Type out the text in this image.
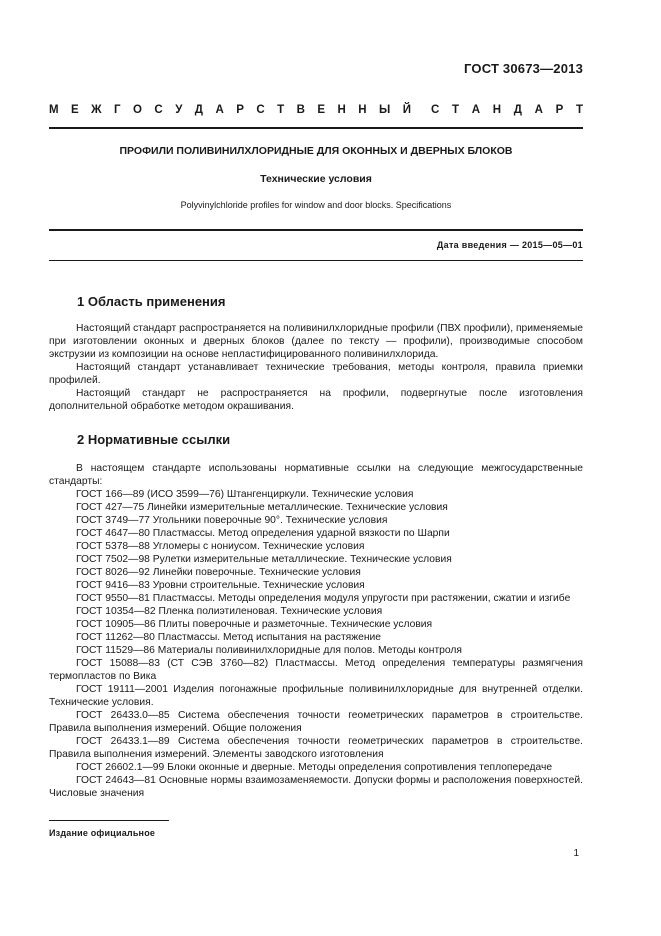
ГОСТ 30673—2013
М Е Ж Г О С У Д А Р С Т В Е Н Н Ы Й С Т А Н Д А Р Т
ПРОФИЛИ ПОЛИВИНИЛХЛОРИДНЫЕ ДЛЯ ОКОННЫХ И ДВЕРНЫХ БЛОКОВ
Технические условия
Polyvinylchloride profiles for window and door blocks. Specifications
Дата введения — 2015—05—01
1 Область применения

Настоящий стандарт распространяется на поливинилхлоридные профили (ПВХ профили), применяемые при изготовлении оконных и дверных блоков (далее по тексту — профили), производимые способом экструзии из композиции на основе непластифицированного поливинилхлорида.

Настоящий стандарт устанавливает технические требования, методы контроля, правила приемки профилей.

Настоящий стандарт не распространяется на профили, подвергнутые после изготовления дополнительной обработке методом окрашивания.

2 Нормативные ссылки

В настоящем стандарте использованы нормативные ссылки на следующие межгосударственные стандарты:

ГОСТ 166—89 (ИСО 3599—76) Штангенциркули. Технические условия

ГОСТ 427—75 Линейки измерительные металлические. Технические условия

ГОСТ 3749—77 Угольники поверочные 90°. Технические условия

ГОСТ 4647—80 Пластмассы. Метод определения ударной вязкости по Шарпи

ГОСТ 5378—88 Угломеры с нониусом. Технические условия

ГОСТ 7502—98 Рулетки измерительные металлические. Технические условия

ГОСТ 8026—92 Линейки поверочные. Технические условия

ГОСТ 9416—83 Уровни строительные. Технические условия

ГОСТ 9550—81 Пластмассы. Методы определения модуля упругости при растяжении, сжатии и изгибе

ГОСТ 10354—82 Пленка полиэтиленовая. Технические условия

ГОСТ 10905—86 Плиты поверочные и разметочные. Технические условия

ГОСТ 11262—80 Пластмассы. Метод испытания на растяжение

ГОСТ 11529—86 Материалы поливинилхлоридные для полов. Методы контроля

ГОСТ 15088—83 (СТ СЭВ 3760—82) Пластмассы. Метод определения температуры размягчения термопластов по Вика

ГОСТ 19111—2001 Изделия погонажные профильные поливинилхлоридные для внутренней отделки. Технические условия.

ГОСТ 26433.0—85 Система обеспечения точности геометрических параметров в строительстве. Правила выполнения измерений. Общие положения

ГОСТ 26433.1—89 Система обеспечения точности геометрических параметров в строительстве. Правила выполнения измерений. Элементы заводского изготовления

ГОСТ 26602.1—99 Блоки оконные и дверные. Методы определения сопротивления теплопередаче

ГОСТ 24643—81 Основные нормы взаимозаменяемости. Допуски формы и расположения поверхностей. Числовые значения

Издание официальное
1
